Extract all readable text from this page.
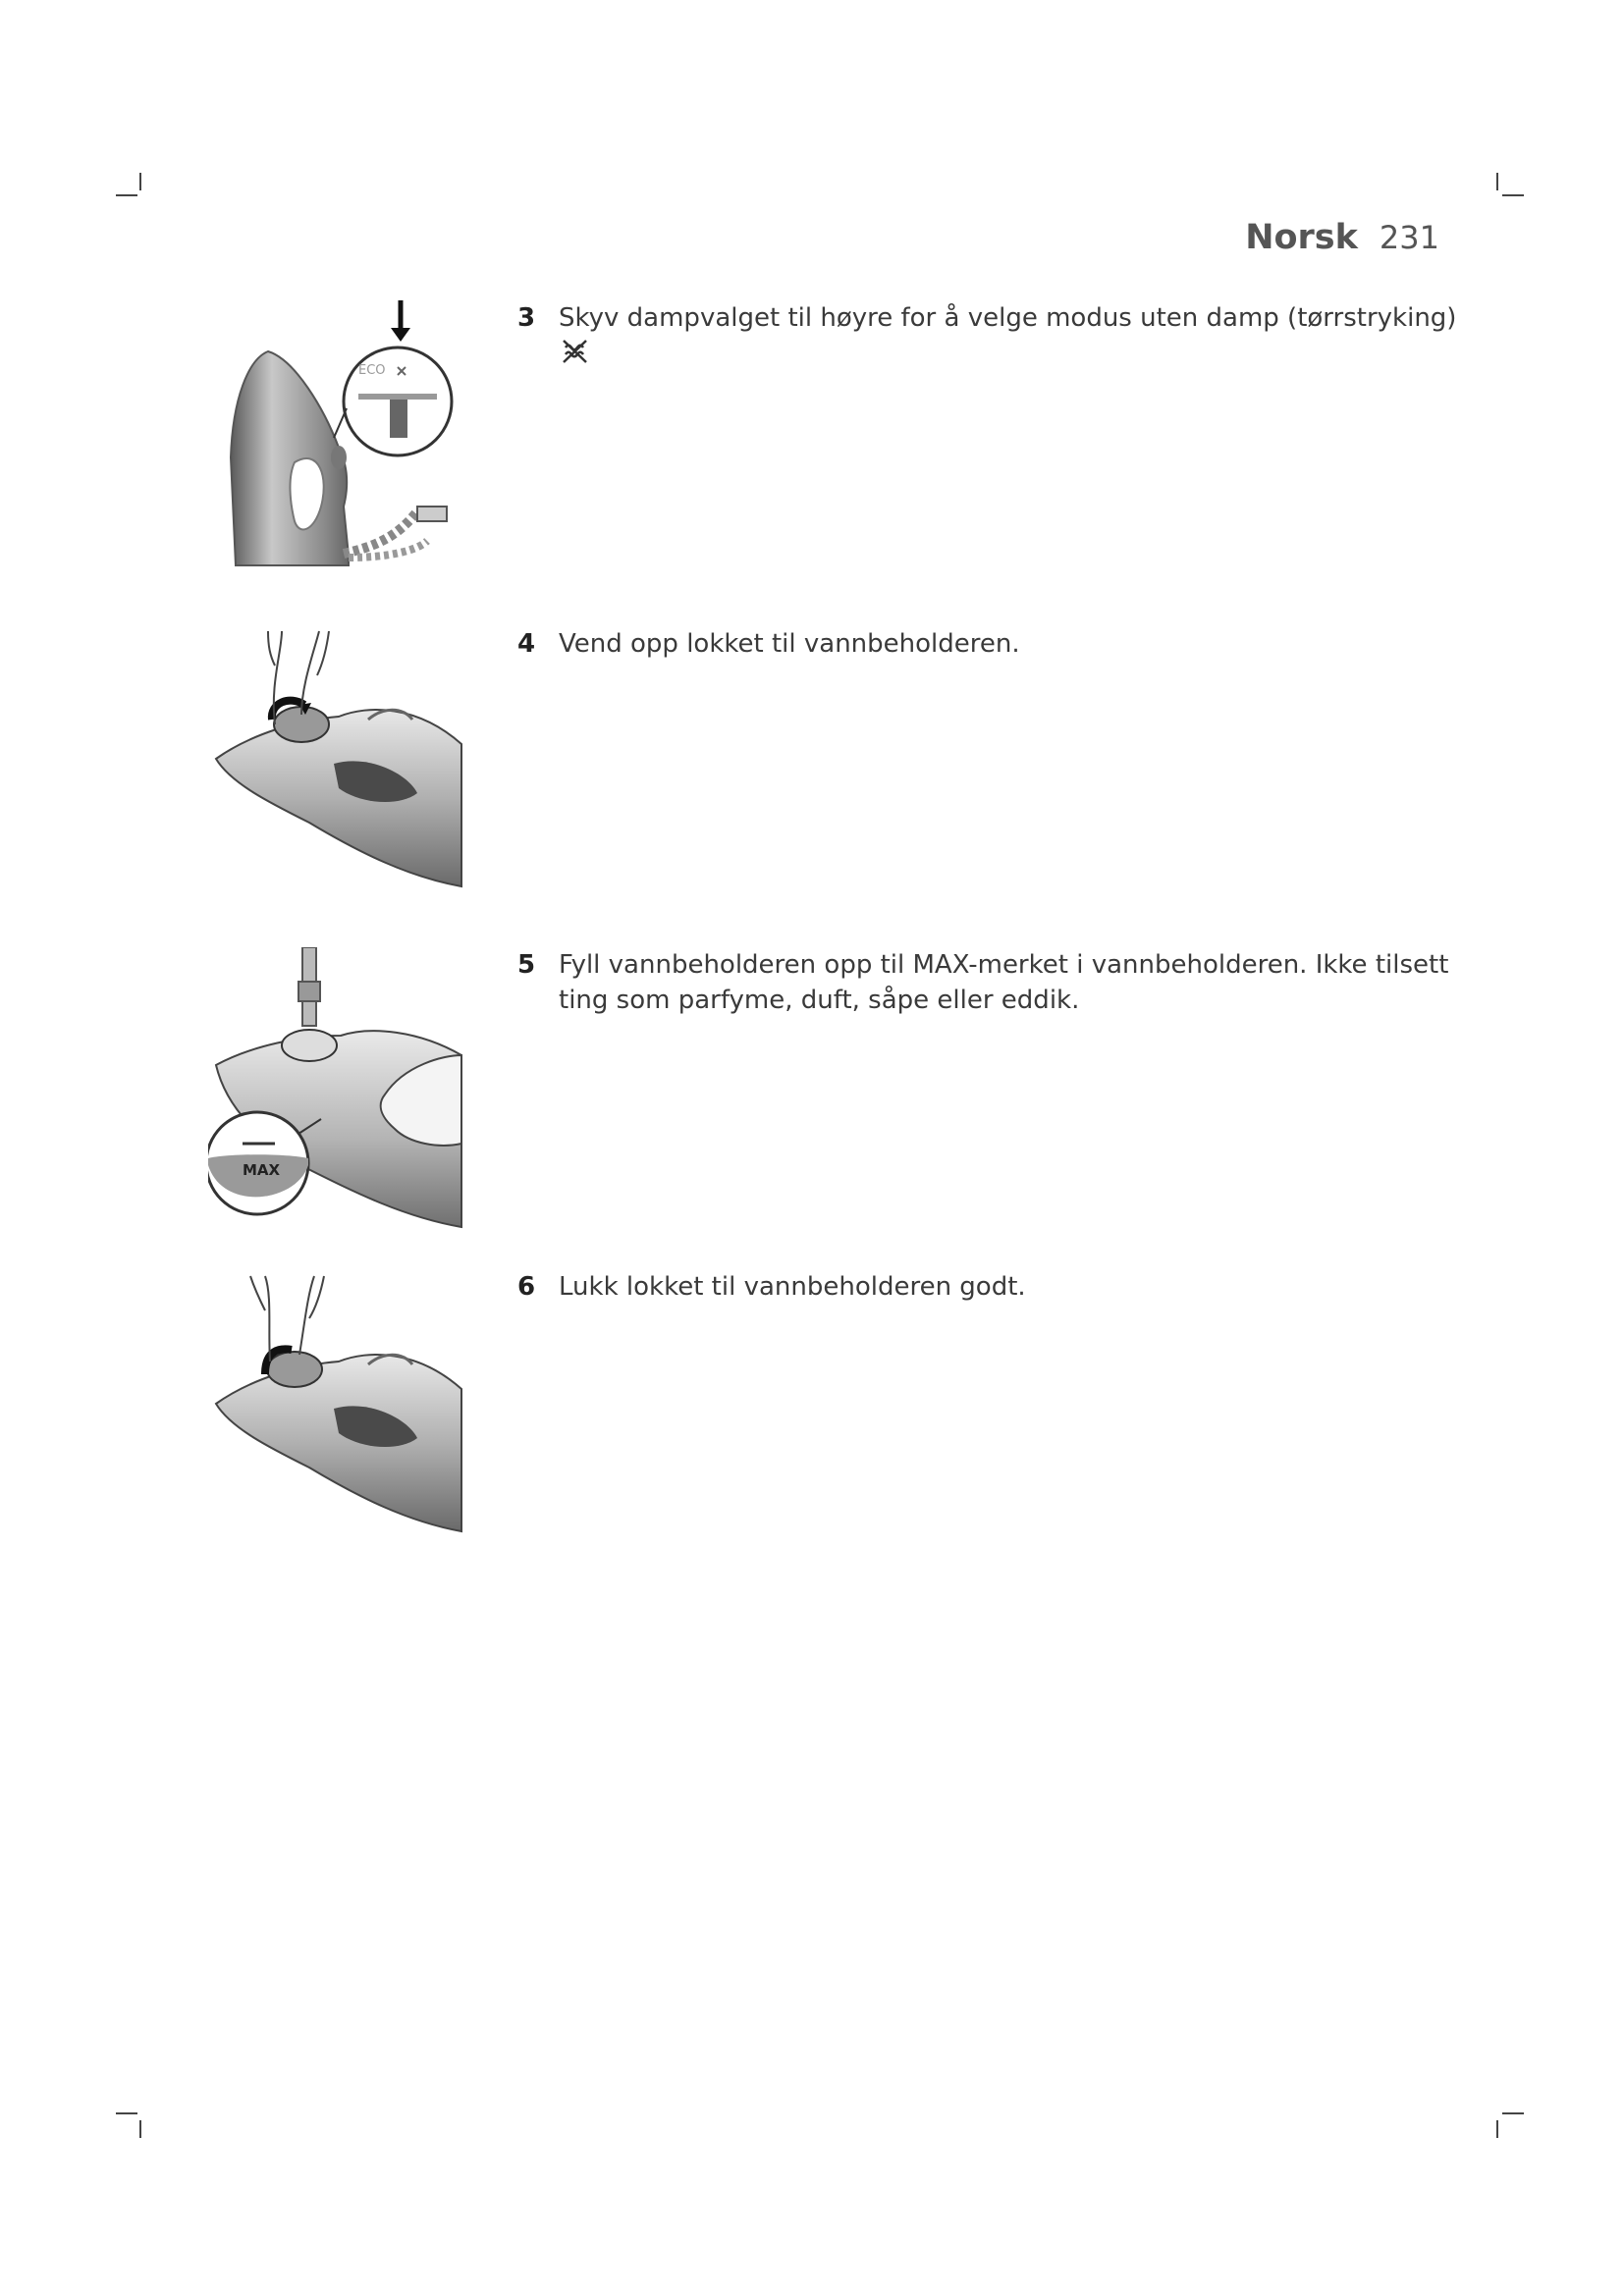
Norsk 231
3 Skyv dampvalget til høyre for å velge modus uten damp (tørrstryking)
ECO
4 Vend opp lokket til vannbeholderen.
5 Fyll vannbeholderen opp til MAX-merket i vannbeholderen. Ikke tilsett ting som parfyme, duft, såpe eller eddik.
MAX
6 Lukk lokket til vannbeholderen godt.
